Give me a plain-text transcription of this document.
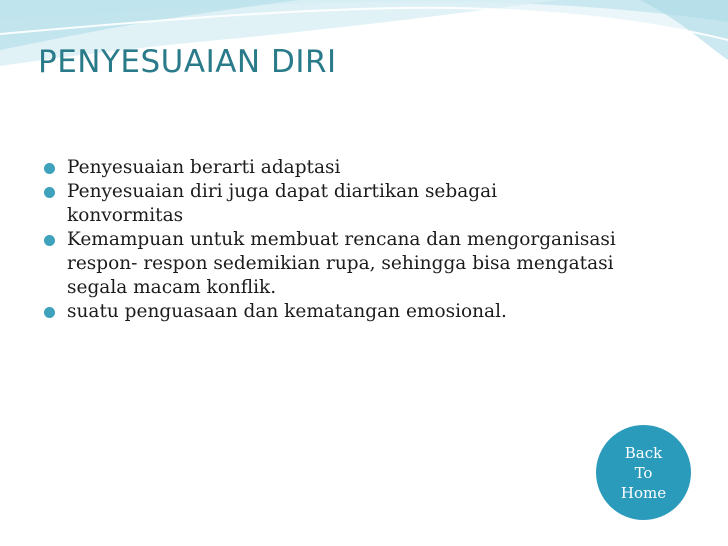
PENYESUAIAN DIRI
Penyesuaian berarti adaptasi
Penyesuaian diri juga dapat diartikan sebagai konvormitas
Kemampuan untuk membuat rencana dan mengorganisasi respon- respon sedemikian rupa, sehingga bisa mengatasi segala macam konflik.
suatu penguasaan dan kematangan emosional.
Back
To
Home
